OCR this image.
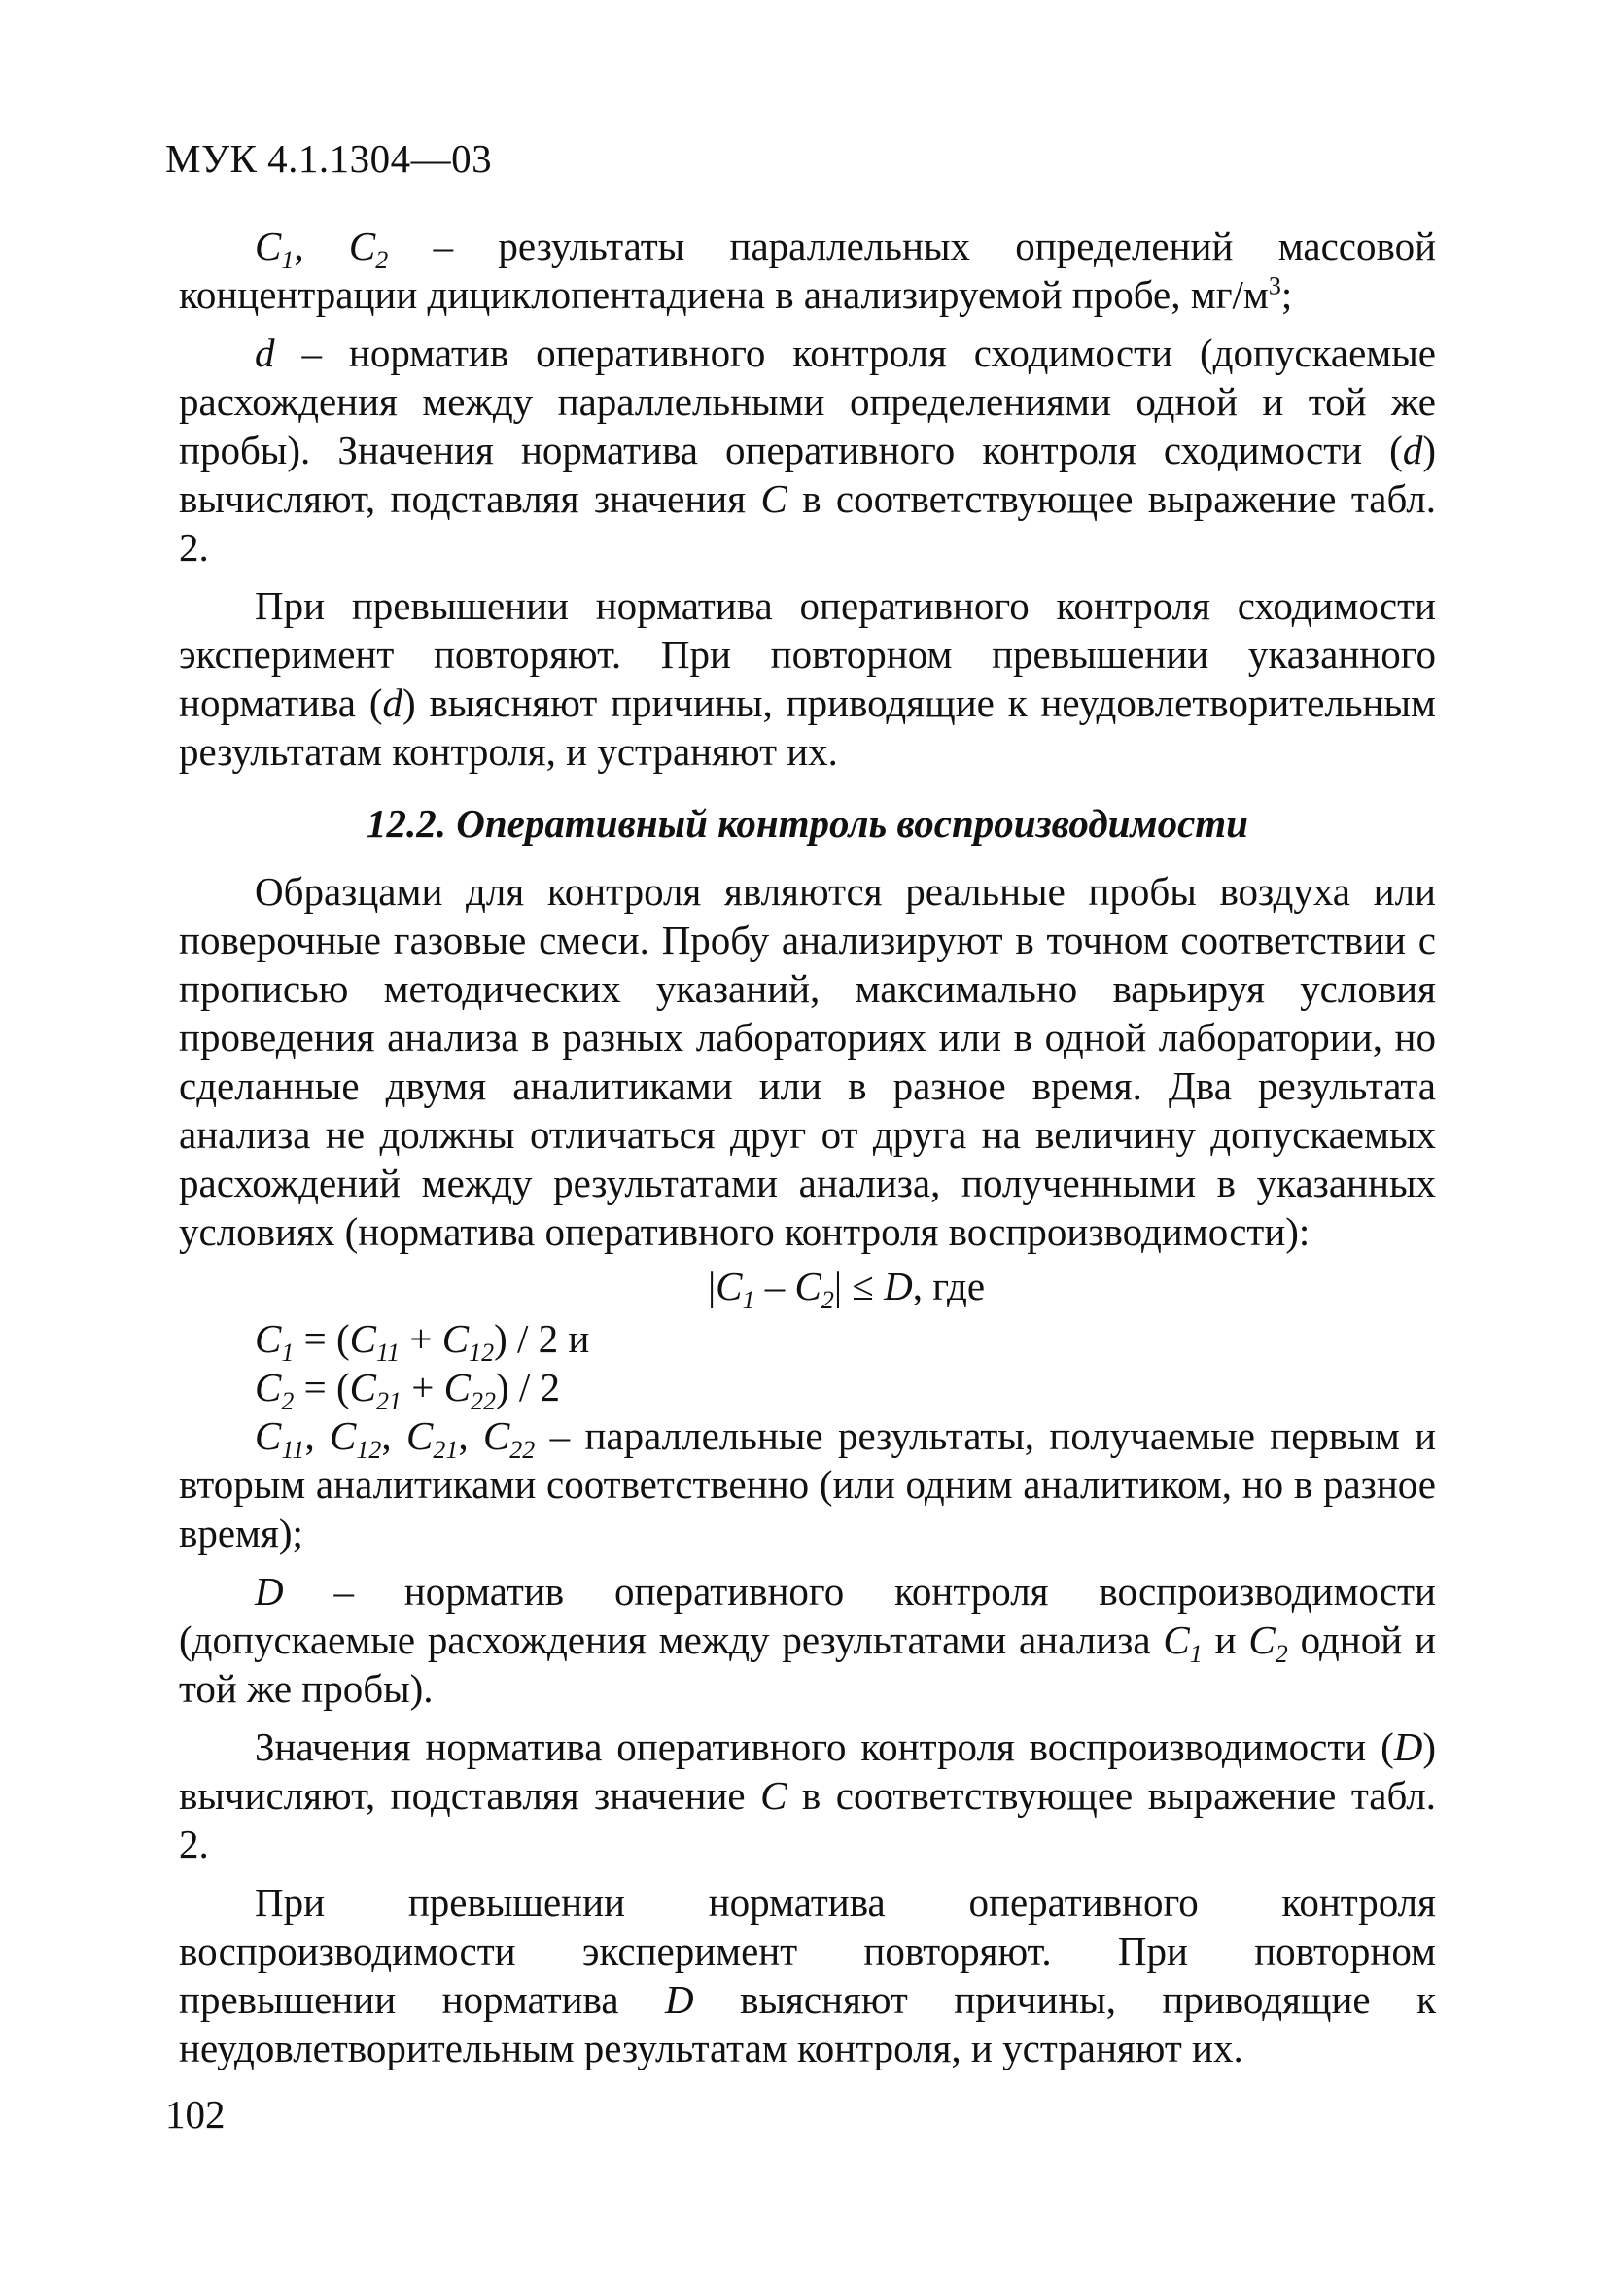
МУК 4.1.1304—03

$C_1$, $C_2$ – результаты параллельных определений массовой концентрации дициклопентадиена в анализируемой пробе, $мг/м^3$;

d – норматив оперативного контроля сходимости (допускаемые расхождения между параллельными определениями одной и той же пробы). Значения норматива оперативного контроля сходимости (d) вычисляют, подставляя значения C в соответствующее выражение табл. 2.

При превышении норматива оперативного контроля сходимости эксперимент повторяют. При повторном превышении указанного норматива (d) выясняют причины, приводящие к неудовлетворительным результатам контроля, и устраняют их.

12.2. Оперативный контроль воспроизводимости

Образцами для контроля являются реальные пробы воздуха или поверочные газовые смеси. Пробу анализируют в точном соответствии с прописью методических указаний, максимально варьируя условия проведения анализа в разных лабораториях или в одной лаборатории, но сделанные двумя аналитиками или в разное время. Два результата анализа не должны отличаться друг от друга на величину допускаемых расхождений между результатами анализа, полученными в указанных условиях (норматива оперативного контроля воспроизводимости):

$|C_1 - C_2| \le D$, где
$C_1 = (C_{11} + C_{12}) / 2$ и
$C_2 = (C_{21} + C_{22}) / 2$

$C_{11}$, $C_{12}$, $C_{21}$, $C_{22}$ – параллельные результаты, получаемые первым и вторым аналитиками соответственно (или одним аналитиком, но в разное время);

D – норматив оперативного контроля воспроизводимости (допускаемые расхождения между результатами анализа $C_1$ и $C_2$ одной и той же пробы).

Значения норматива оперативного контроля воспроизводимости (D) вычисляют, подставляя значение C в соответствующее выражение табл. 2.

При превышении норматива оперативного контроля воспроизводимости эксперимент повторяют. При повторном превышении норматива D выясняют причины, приводящие к неудовлетворительным результатам контроля, и устраняют их.

102
